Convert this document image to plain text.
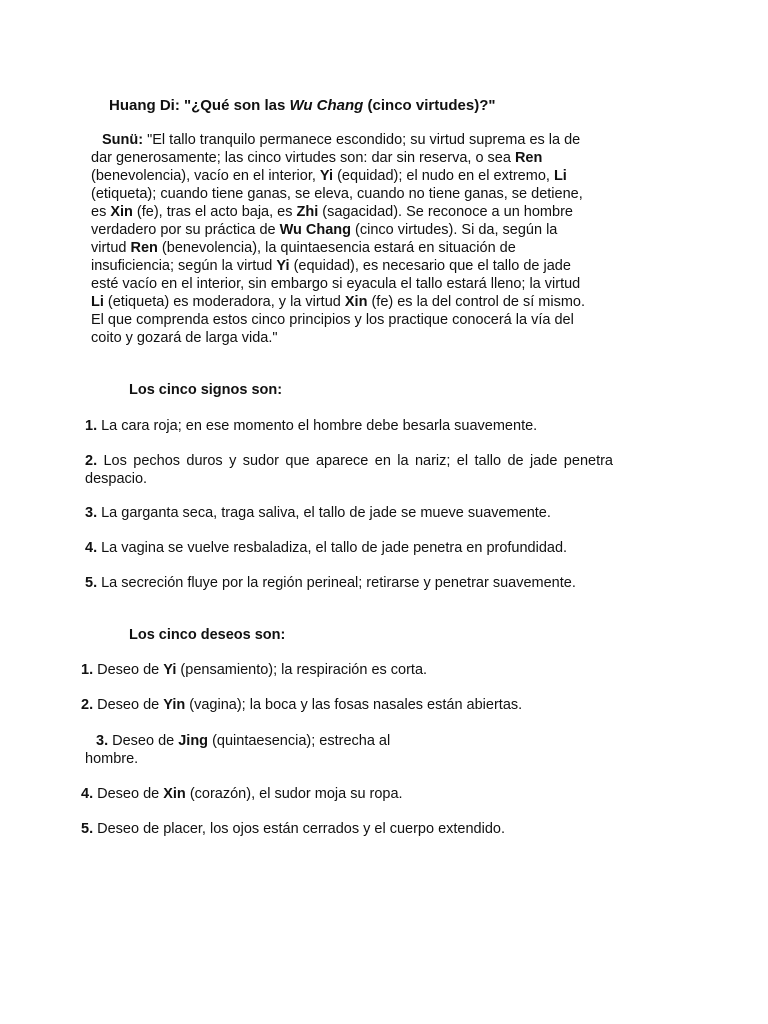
Huang Di: "¿Qué son las Wu Chang (cinco virtudes)?"
Sunü: "El tallo tranquilo permanece escondido; su virtud suprema es la de
dar generosamente; las cinco virtudes son: dar sin reserva, o sea Ren
(benevolencia), vacío en el interior, Yi (equidad); el nudo en el extremo, Li
(etiqueta); cuando tiene ganas, se eleva, cuando no tiene ganas, se detiene,
es Xin (fe), tras el acto baja, es Zhi (sagacidad). Se reconoce a un hombre
verdadero por su práctica de Wu Chang (cinco virtudes). Si da, según la
virtud Ren (benevolencia), la quintaesencia estará en situación de
insuficiencia; según la virtud Yi (equidad), es necesario que el tallo de jade
esté vacío en el interior, sin embargo si eyacula el tallo estará lleno; la virtud
Li (etiqueta) es moderadora, y la virtud Xin (fe) es la del control de sí mismo.
El que comprenda estos cinco principios y los practique conocerá la vía del
coito y gozará de larga vida."
Los cinco signos son:
1. La cara roja; en ese momento el hombre debe besarla suavemente.
2. Los pechos duros y sudor que aparece en la nariz; el tallo de jade penetra despacio.
3. La garganta seca, traga saliva, el tallo de jade se mueve suavemente.
4. La vagina se vuelve resbaladiza, el tallo de jade penetra en profundidad.
5. La secreción fluye por la región perineal; retirarse y penetrar suavemente.
Los cinco deseos son:
1. Deseo de Yi (pensamiento); la respiración es corta.
2. Deseo de Yin (vagina); la boca y las fosas nasales están abiertas.
3. Deseo de Jing (quintaesencia); estrecha al hombre.
4. Deseo de Xin (corazón), el sudor moja su ropa.
5. Deseo de placer, los ojos están cerrados y el cuerpo extendido.
